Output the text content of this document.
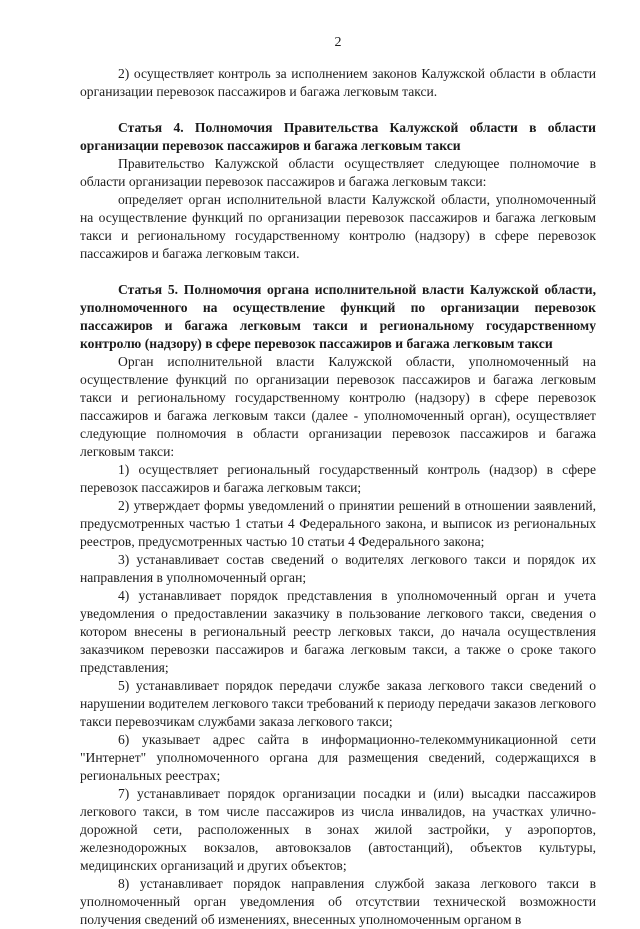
2

2) осуществляет контроль за исполнением законов Калужской области в области организации перевозок пассажиров и багажа легковым такси.

Статья 4. Полномочия Правительства Калужской области в области организации перевозок пассажиров и багажа легковым такси

Правительство Калужской области осуществляет следующее полномочие в области организации перевозок пассажиров и багажа легковым такси:

определяет орган исполнительной власти Калужской области, уполномоченный на осуществление функций по организации перевозок пассажиров и багажа легковым такси и региональному государственному контролю (надзору) в сфере перевозок пассажиров и багажа легковым такси.

Статья 5. Полномочия органа исполнительной власти Калужской области, уполномоченного на осуществление функций по организации перевозок пассажиров и багажа легковым такси и региональному государственному контролю (надзору) в сфере перевозок пассажиров и багажа легковым такси

Орган исполнительной власти Калужской области, уполномоченный на осуществление функций по организации перевозок пассажиров и багажа легковым такси и региональному государственному контролю (надзору) в сфере перевозок пассажиров и багажа легковым такси (далее - уполномоченный орган), осуществляет следующие полномочия в области организации перевозок пассажиров и багажа легковым такси:

1) осуществляет региональный государственный контроль (надзор) в сфере перевозок пассажиров и багажа легковым такси;

2) утверждает формы уведомлений о принятии решений в отношении заявлений, предусмотренных частью 1 статьи 4 Федерального закона, и выписок из региональных реестров, предусмотренных частью 10 статьи 4 Федерального закона;

3) устанавливает состав сведений о водителях легкового такси и порядок их направления в уполномоченный орган;

4) устанавливает порядок представления в уполномоченный орган и учета уведомления о предоставлении заказчику в пользование легкового такси, сведения о котором внесены в региональный реестр легковых такси, до начала осуществления заказчиком перевозки пассажиров и багажа легковым такси, а также о сроке такого представления;

5) устанавливает порядок передачи службе заказа легкового такси сведений о нарушении водителем легкового такси требований к периоду передачи заказов легкового такси перевозчикам службами заказа легкового такси;

6) указывает адрес сайта в информационно-телекоммуникационной сети "Интернет" уполномоченного органа для размещения сведений, содержащихся в региональных реестрах;

7) устанавливает порядок организации посадки и (или) высадки пассажиров легкового такси, в том числе пассажиров из числа инвалидов, на участках улично-дорожной сети, расположенных в зонах жилой застройки, у аэропортов, железнодорожных вокзалов, автовокзалов (автостанций), объектов культуры, медицинских организаций и других объектов;

8) устанавливает порядок направления службой заказа легкового такси в уполномоченный орган уведомления об отсутствии технической возможности получения сведений об изменениях, внесенных уполномоченным органом в
